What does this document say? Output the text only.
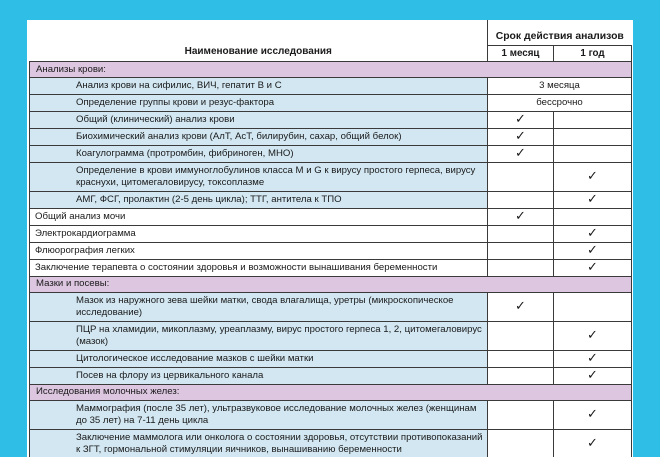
Наименование исследования	Срок действия анализов	
	1 месяц	1 год
Анализы крови:		
Анализ крови на сифилис, ВИЧ, гепатит В и С	3 месяца	
Определение группы крови и резус-фактора	бессрочно	
Общий (клинический) анализ крови	✓	
Биохимический анализ крови (АлТ, АсТ, билирубин, сахар, общий белок)	✓	
Коагулограмма (протромбин, фибриноген, МНО)	✓	
Определение в крови иммуноглобулинов класса М и G к вирусу простого герпеса, вирусу краснухи, цитомегаловирусу, токсоплазме		✓
АМГ, ФСГ, пролактин (2-5 день цикла); ТТГ, антитела к ТПО		✓
Общий анализ мочи	✓	
Электрокардиограмма		✓
Флюорография легких		✓
Заключение терапевта о состоянии здоровья и возможности вынашивания беременности		✓
Мазки и посевы:		
Мазок из наружного зева шейки матки, свода влагалища, уретры (микроскопическое исследование)	✓	
ПЦР на хламидии, микоплазму, уреаплазму, вирус простого герпеса 1, 2, цитомегаловирус (мазок)		✓
Цитологическое исследование мазков с шейки матки		✓
Посев на флору из цервикального канала		✓
Исследования молочных желез:		
Маммография (после 35 лет), ультразвуковое исследование молочных желез (женщинам до 35 лет) на 7-11 день цикла		✓
Заключение маммолога или онколога о состоянии здоровья, отсутствии противопоказаний к ЗГТ, гормональной стимуляции яичников, вынашиванию беременности		✓
